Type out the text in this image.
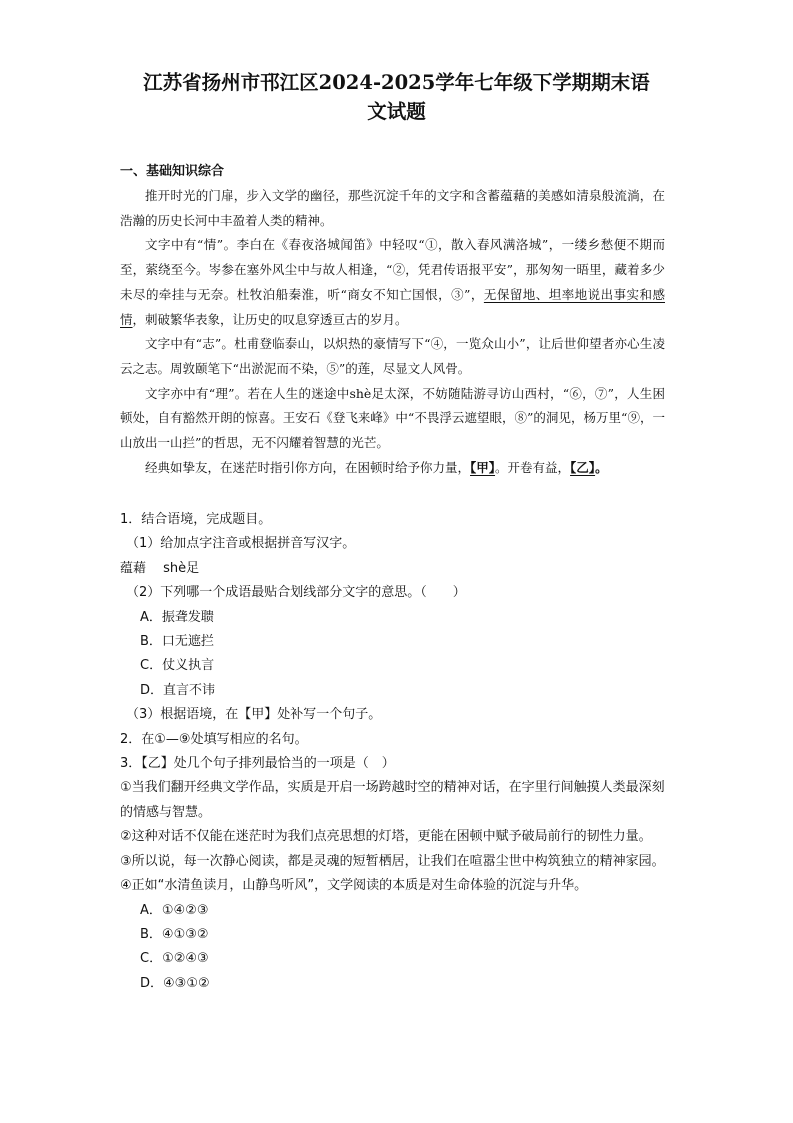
江苏省扬州市邗江区2024-2025学年七年级下学期期末语
文试题
一、基础知识综合

推开时光的门扉，步入文学的幽径，那些沉淀千年的文字和含蓄蕴藉的美感如清泉般流淌，在浩瀚的历史长河中丰盈着人类的精神。

文字中有“情”。李白在《春夜洛城闻笛》中轻叹“①，散入春风满洛城”，一缕乡愁便不期而至，萦绕至今。岑参在塞外风尘中与故人相逢，“②，凭君传语报平安”，那匆匆一晤里，藏着多少未尽的牵挂与无奈。杜牧泊船秦淮，听“商女不知亡国恨，③”，无保留地、坦率地说出事实和感情，刺破繁华表象，让历史的叹息穿透亘古的岁月。

文字中有“志”。杜甫登临泰山，以炽热的豪情写下“④，一览众山小”，让后世仰望者亦心生凌云之志。周敦颐笔下“出淤泥而不染，⑤”的莲，尽显文人风骨。

文字亦中有“理”。若在人生的迷途中shè足太深，不妨随陆游寻访山西村，“⑥，⑦”，人生困顿处，自有豁然开朗的惊喜。王安石《登飞来峰》中“不畏浮云遮望眼，⑧”的洞见，杨万里“⑨，一山放出一山拦”的哲思，无不闪耀着智慧的光芒。

经典如挚友，在迷茫时指引你方向，在困顿时给予你力量，【甲】。开卷有益，【乙】。

1．结合语境，完成题目。
（1）给加点字注音或根据拼音写汉字。
蕴藉　 shè足
（2）下列哪一个成语最贴合划线部分文字的意思。（　　）
A．振聋发聩
B．口无遮拦
C．仗义执言
D．直言不讳
（3）根据语境，在【甲】处补写一个句子。
2．在①—⑨处填写相应的名句。
3．【乙】处几个句子排列最恰当的一项是（　）
①当我们翻开经典文学作品，实质是开启一场跨越时空的精神对话，在字里行间触摸人类最深刻的情感与智慧。
②这种对话不仅能在迷茫时为我们点亮思想的灯塔，更能在困顿中赋予破局前行的韧性力量。
③所以说，每一次静心阅读，都是灵魂的短暂栖居，让我们在喧嚣尘世中构筑独立的精神家园。
④正如“水清鱼读月，山静鸟听风”，文学阅读的本质是对生命体验的沉淀与升华。
A．①④②③
B．④①③②
C．①②④③
D．④③①②
